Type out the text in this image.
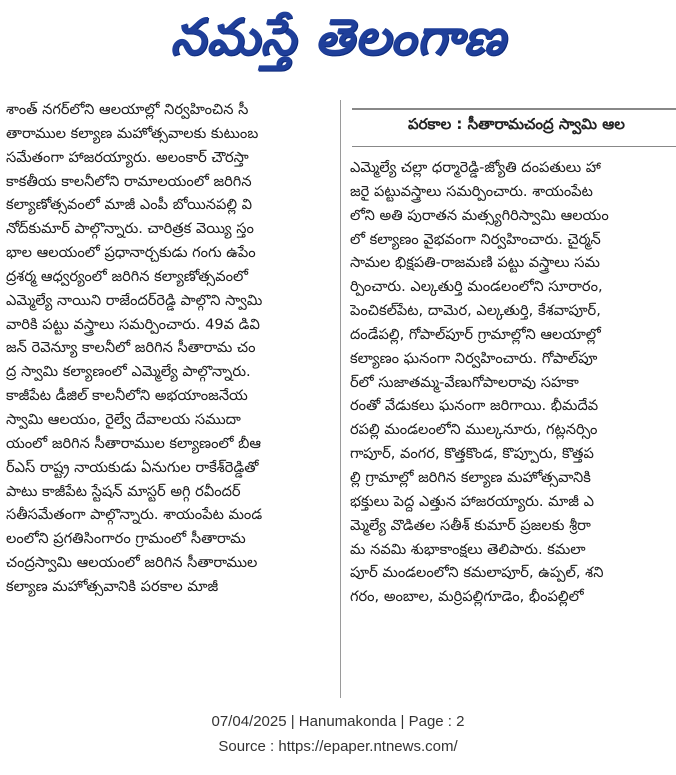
నమస్తే తెలంగాణ
శాంత్ నగర్‌లోని ఆలయాల్లో నిర్వహించిన సీ
తారాముల కల్యాణ మహోత్సవాలకు కుటుంబ
సమేతంగా హాజరయ్యారు. అలంకార్ చౌరస్తా
కాకతీయ కాలనీలోని రామాలయంలో జరిగిన
కల్యాణోత్సవంలో మాజీ ఎంపీ బోయినపల్లి వి
నోద్‌కుమార్ పాల్గొన్నారు. చారిత్రక వెయ్యి స్తం
భాల ఆలయంలో ప్రధానార్చకుడు గంగు ఉపేం
ద్రశర్మ ఆధ్వర్యంలో జరిగిన కల్యాణోత్సవంలో
ఎమ్మెల్యే నాయిని రాజేందర్‌రెడ్డి పాల్గొని స్వామి
వారికి పట్టు వస్త్రాలు సమర్పించారు. 49వ డివి
జన్ రెవెన్యూ కాలనీలో జరిగిన సీతారామ చం
ద్ర స్వామి కల్యాణంలో ఎమ్మెల్యే పాల్గొన్నారు.
కాజీపేట డీజిల్ కాలనీలోని అభయాంజనేయ
స్వామి ఆలయం, రైల్వే దేవాలయ సముదా
యంలో జరిగిన సీతారాముల కల్యాణంలో బీఆ
ర్‌ఎస్ రాష్ట్ర నాయకుడు ఏనుగుల రాకేశ్‌రెడ్డితో
పాటు కాజీపేట స్టేషన్ మాస్టర్ అగ్గి రవీందర్
సతీసమేతంగా పాల్గొన్నారు. శాయంపేట మండ
లంలోని ప్రగతిసింగారం గ్రామంలో సీతారామ
చంద్రస్వామి ఆలయంలో జరిగిన సీతారాముల
కల్యాణ మహోత్సవానికి పరకాల మాజీ
పరకాల : సీతారామచంద్ర స్వామి ఆల
ఎమ్మెల్యే చల్లా ధర్మారెడ్డి-జ్యోతి దంపతులు హా
జరై పట్టువస్త్రాలు సమర్పించారు. శాయంపేట
లోని అతి పురాతన మత్స్యగిరిస్వామి ఆలయం
లో కల్యాణం వైభవంగా నిర్వహించారు. చైర్మన్
సామల భిక్షపతి-రాజమణి పట్టు వస్త్రాలు సమ
ర్పించారు. ఎల్కతుర్తి మండలంలోని సూరారం,
పెంచికల్‌పేట, దామెర, ఎల్కతుర్తి, కేశవాపూర్,
దండేపల్లి, గోపాల్‌పూర్ గ్రామాల్లోని ఆలయాల్లో
కల్యాణం ఘనంగా నిర్వహించారు. గోపాల్‌పూ
ర్‌లో సుజాతమ్మ-వేణుగోపాలరావు సహకా
రంతో వేడుకలు ఘనంగా జరిగాయి. భీమదేవ
రపల్లి మండలంలోని ముల్కనూరు, గట్లనర్సిం
గాపూర్, వంగర, కొత్తకొండ, కొప్పూరు, కొత్తప
ల్లి గ్రామాల్లో జరిగిన కల్యాణ మహోత్సవానికి
భక్తులు పెద్ద ఎత్తున హాజరయ్యారు. మాజీ ఎ
మ్మెల్యే వొడితల సతీశ్ కుమార్ ప్రజలకు శ్రీరా
మ నవమి శుభాకాంక్షలు తెలిపారు. కమలా
పూర్ మండలంలోని కమలాపూర్, ఉప్పల్, శని
గరం, అంబాల, మర్రిపల్లిగూడెం, భీంపల్లిలో
07/04/2025 | Hanumakonda | Page : 2
Source : https://epaper.ntnews.com/
